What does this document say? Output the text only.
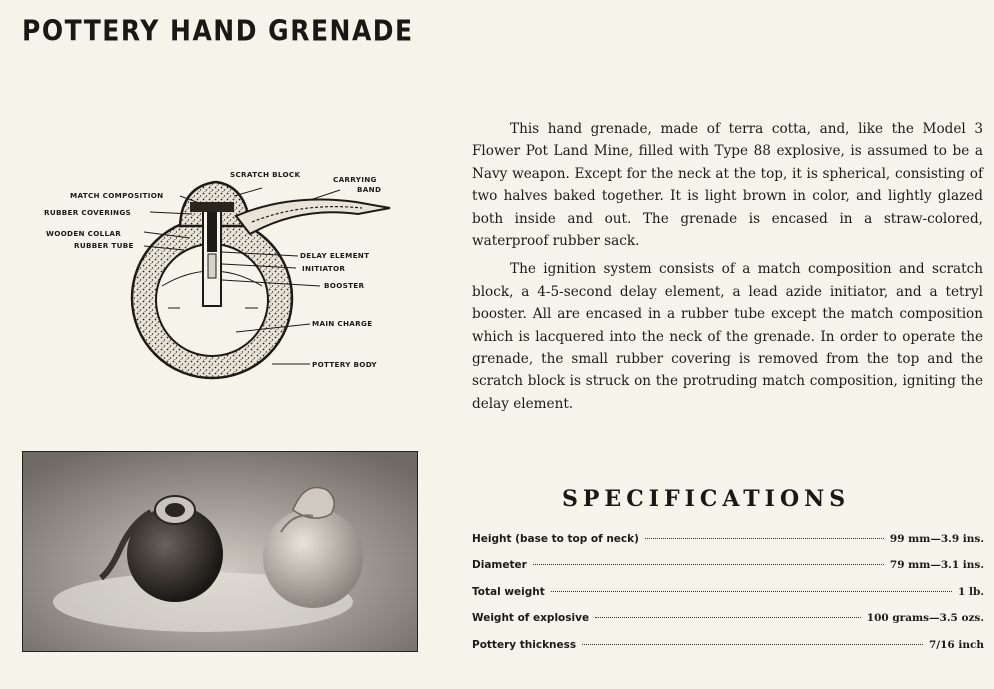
POTTERY HAND GRENADE
SCRATCH BLOCK
CARRYING
BAND
MATCH COMPOSITION
RUBBER COVERINGS
WOODEN COLLAR
RUBBER TUBE
DELAY ELEMENT
INITIATOR
BOOSTER
MAIN CHARGE
POTTERY BODY

This hand grenade, made of terra cotta, and, like the Model 3 Flower Pot Land Mine, filled with Type 88 explosive, is assumed to be a Navy weapon. Except for the neck at the top, it is spherical, consisting of two halves baked together. It is light brown in color, and lightly glazed both inside and out. The grenade is encased in a straw-colored, waterproof rubber sack.

The ignition system consists of a match composition and scratch block, a 4-5-second delay element, a lead azide initiator, and a tetryl booster. All are encased in a rubber tube except the match composition which is lacquered into the neck of the grenade. In order to operate the grenade, the small rubber covering is removed from the top and the scratch block is struck on the protruding match composition, igniting the delay element.

SPECIFICATIONS
Height (base to top of neck)	99 mm—3.9 ins.
Diameter	79 mm—3.1 ins.
Total weight	1 lb.
Weight of explosive	100 grams—3.5 ozs.
Pottery thickness	7/16 inch
